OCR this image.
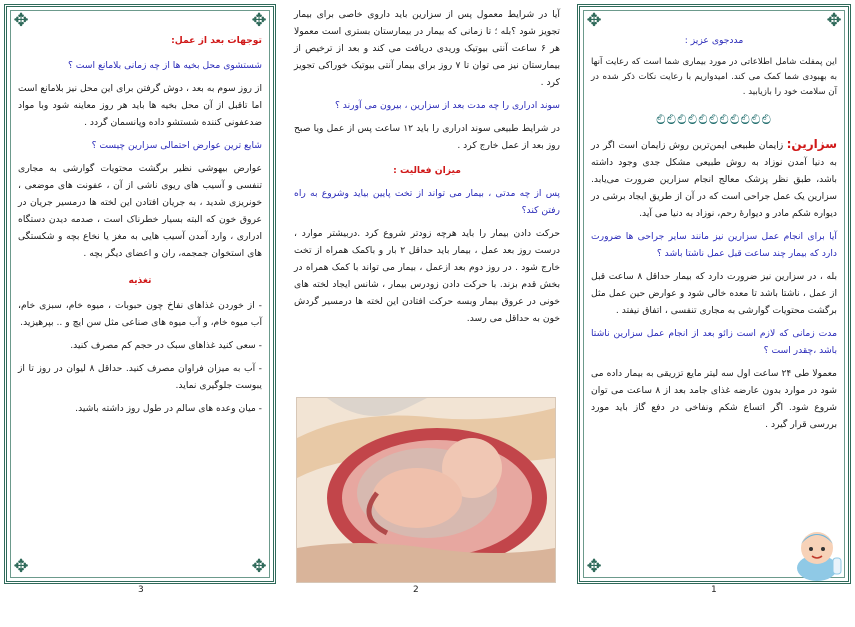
✥	✥
✥	✥

توجهات بعد از عمل:

شستشوی محل بخیه ها از چه زمانی بلامانع است ؟

از روز سوم به بعد ، دوش گرفتن برای این محل نیز بلامانع است اما تاقبل از آن محل بخیه ها باید هر روز معاینه شود وبا مواد ضدعفونی کننده شستشو داده وپانسمان گردد .

شایع ترین عوارض احتمالی سزارین چیست ؟

عوارض بیهوشی نظیر برگشت محتویات گوارشی به مجاری تنفسی و آسیب های ریوی ناشی از آن ، عفونت های موضعی ، خونریزی شدید ، به جریان افتادن این لخته ها درمسیر جریان در عروق خون که البته بسیار خطرناک است ، صدمه دیدن دستگاه ادراری ، وارد آمدن آسیب هایی به مغز یا نخاع بچه و شکستگی های استخوان جمجمه، ران و اعضای دیگر بچه .

تغذیه

- از خوردن غذاهای نفاخ چون حبوبات ، میوه خام، سبزی خام، آب میوه خام، و آب میوه های صناعی مثل سن ایچ و .. بپرهیزید.

- سعی کنید غذاهای سبک در حجم کم مصرف کنید.

- آب به میزان فراوان مصرف کنید. حداقل ۸ لیوان در روز تا از یبوست جلوگیری نماید.

- میان وعده های سالم در طول روز داشته باشید.

3

آیا در شرایط معمول پس از سزارین باید داروی خاصی برای بیمار تجویز شود ؟بله ؛ تا زمانی که بیمار در بیمارستان بستری است معمولا هر ۶ ساعت آنتی بیوتیک وریدی دریافت می کند و بعد از ترخیص از بیمارستان نیز می توان تا ۷ روز برای بیمار آنتی بیوتیک خوراکی تجویز کرد .

سوند ادراری را چه مدت بعد از سزارین ، بیرون می آورند ؟

در شرایط طبیعی سوند ادراری را باید ۱۲ ساعت پس از عمل ویا صبح روز بعد از عمل خارج کرد .

میزان فعالیت :

پس از چه مدتی ، بیمار می تواند از تخت پایین بیاید وشروع به راه رفتن کند؟

حرکت دادن بیمار را باید هرچه زودتر شروع کرد .دربیشتر موارد ، درست روز بعد عمل ، بیمار باید حداقل ۲ بار و باکمک همراه از تخت خارج شود . در روز دوم بعد ازعمل ، بیمار می تواند با کمک همراه در بخش قدم بزند. با حرکت دادن زودرس بیمار ، شانس ایجاد لخته های خونی در عروق بیمار وبسه حرکت افتادن این لخته ها درمسیر گردش خون به حداقل می رسد.

2
✥	✥
✥

مددجوی عزیز :

این پمفلت شامل اطلاعاتی در مورد بیماری شما است که رعایت آنها به بهبودی شما کمک می کند. امیدواریم با رعایت نکات ذکر شده در آن سلامت خود را بازیابید .

ಲಿಲಿಲಿಲಿಲಿಲಿಲಿಲಿಲಿಲಿಲಿ

سزارین: زایمان طبیعی ایمن‌ترین روش زایمان است اگر در به دنیا آمدن نوزاد به روش طبیعی مشکل جدی وجود داشته باشد، طبق نظر پزشک معالج انجام سزارین ضرورت می‌یابد. سزارین یک عمل جراحی است که در آن از طریق ایجاد برشی در دیواره شکم مادر و دیوارهٔ رحم، نوزاد به دنیا می آید.

آیا برای انجام عمل سزارین نیز مانند سایر جراحی ها ضرورت دارد که بیمار چند ساعت قبل عمل ناشتا باشد ؟

بله ، در سزارین نیز ضرورت دارد که بیمار حداقل ۸ ساعت قبل از عمل ، ناشتا باشد تا معده خالی شود و عوارض حین عمل مثل برگشت محتویات گوارشی به مجاری تنفسی ، اتفاق نیفتد .

مدت زمانی که لازم است زائو بعد از انجام عمل سزارین ناشتا باشد ،چقدر است ؟

معمولا طی ۲۴ ساعت اول سه لیتر مایع تزریقی به بیمار داده می شود در موارد بدون عارضه غذای جامد بعد از ۸ ساعت می توان شروع شود. اگر اتساع شکم ونفاخی در دفع گاز باید مورد بررسی قرار گیرد .

1
